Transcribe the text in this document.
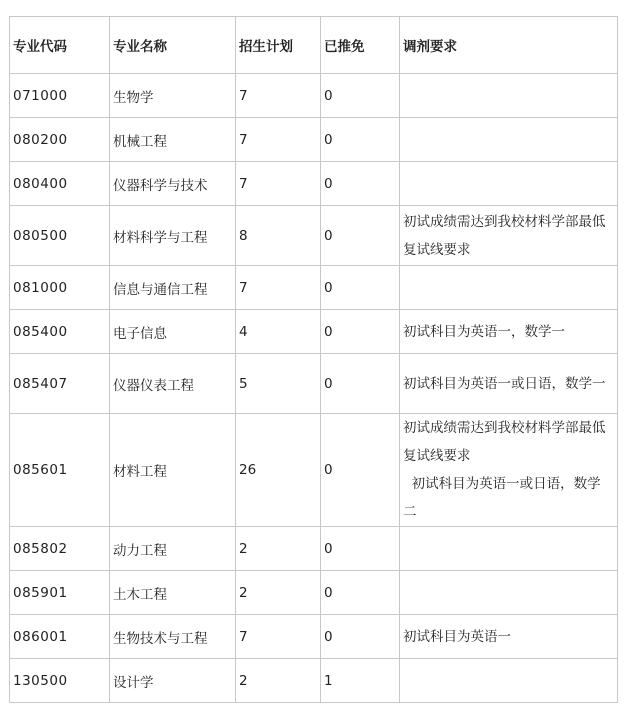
专业代码	专业名称	招生计划	已推免	调剂要求
071000	生物学	7	0	
080200	机械工程	7	0	
080400	仪器科学与技术	7	0	
080500	材料科学与工程	8	0	初试成绩需达到我校材料学部最低复试线要求
081000	信息与通信工程	7	0	
085400	电子信息	4	0	初试科目为英语一，数学一
085407	仪器仪表工程	5	0	初试科目为英语一或日语，数学一
085601	材料工程	26	0	初试成绩需达到我校材料学部最低复试线要求
初试科目为英语一或日语，数学二
085802	动力工程	2	0	
085901	土木工程	2	0	
086001	生物技术与工程	7	0	初试科目为英语一
130500	设计学	2	1	
